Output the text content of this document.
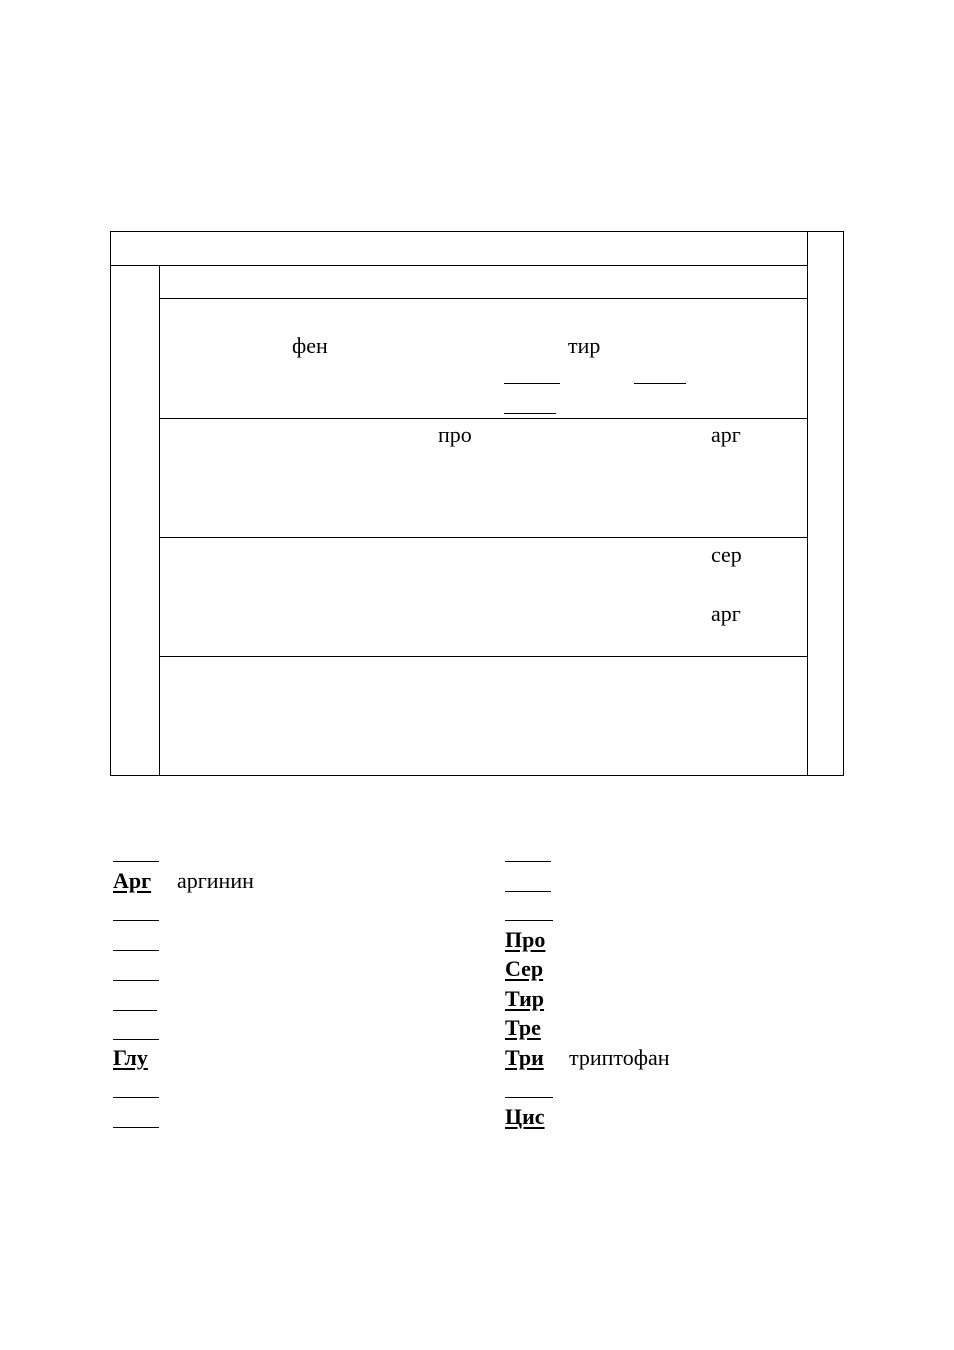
фен	тир
про	арг
сер
арг
Арг аргинин
Глу
Про
Сер
Тир
Тре
Три триптофан
Цис
